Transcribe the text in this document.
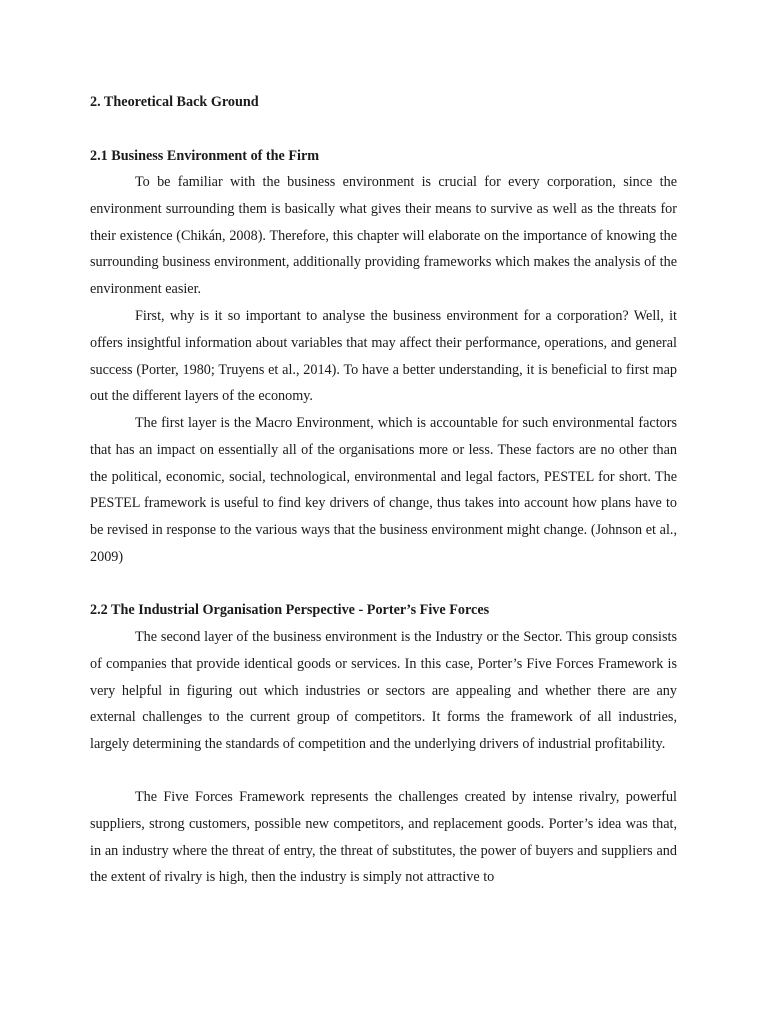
2. Theoretical Back Ground
2.1 Business Environment of the Firm

To be familiar with the business environment is crucial for every corporation, since the environment surrounding them is basically what gives their means to survive as well as the threats for their existence (Chikán, 2008). Therefore, this chapter will elaborate on the importance of knowing the surrounding business environment, additionally providing frameworks which makes the analysis of the environment easier.

First, why is it so important to analyse the business environment for a corporation? Well, it offers insightful information about variables that may affect their performance, operations, and general success (Porter, 1980; Truyens et al., 2014). To have a better understanding, it is beneficial to first map out the different layers of the economy.

The first layer is the Macro Environment, which is accountable for such environmental factors that has an impact on essentially all of the organisations more or less. These factors are no other than the political, economic, social, technological, environmental and legal factors, PESTEL for short. The PESTEL framework is useful to find key drivers of change, thus takes into account how plans have to be revised in response to the various ways that the business environment might change. (Johnson et al., 2009)

2.2 The Industrial Organisation Perspective - Porter’s Five Forces

The second layer of the business environment is the Industry or the Sector. This group consists of companies that provide identical goods or services. In this case, Porter’s Five Forces Framework is very helpful in figuring out which industries or sectors are appealing and whether there are any external challenges to the current group of competitors. It forms the framework of all industries, largely determining the standards of competition and the underlying drivers of industrial profitability.

The Five Forces Framework represents the challenges created by intense rivalry, powerful suppliers, strong customers, possible new competitors, and replacement goods. Porter’s idea was that, in an industry where the threat of entry, the threat of substitutes, the power of buyers and suppliers and the extent of rivalry is high, then the industry is simply not attractive to
